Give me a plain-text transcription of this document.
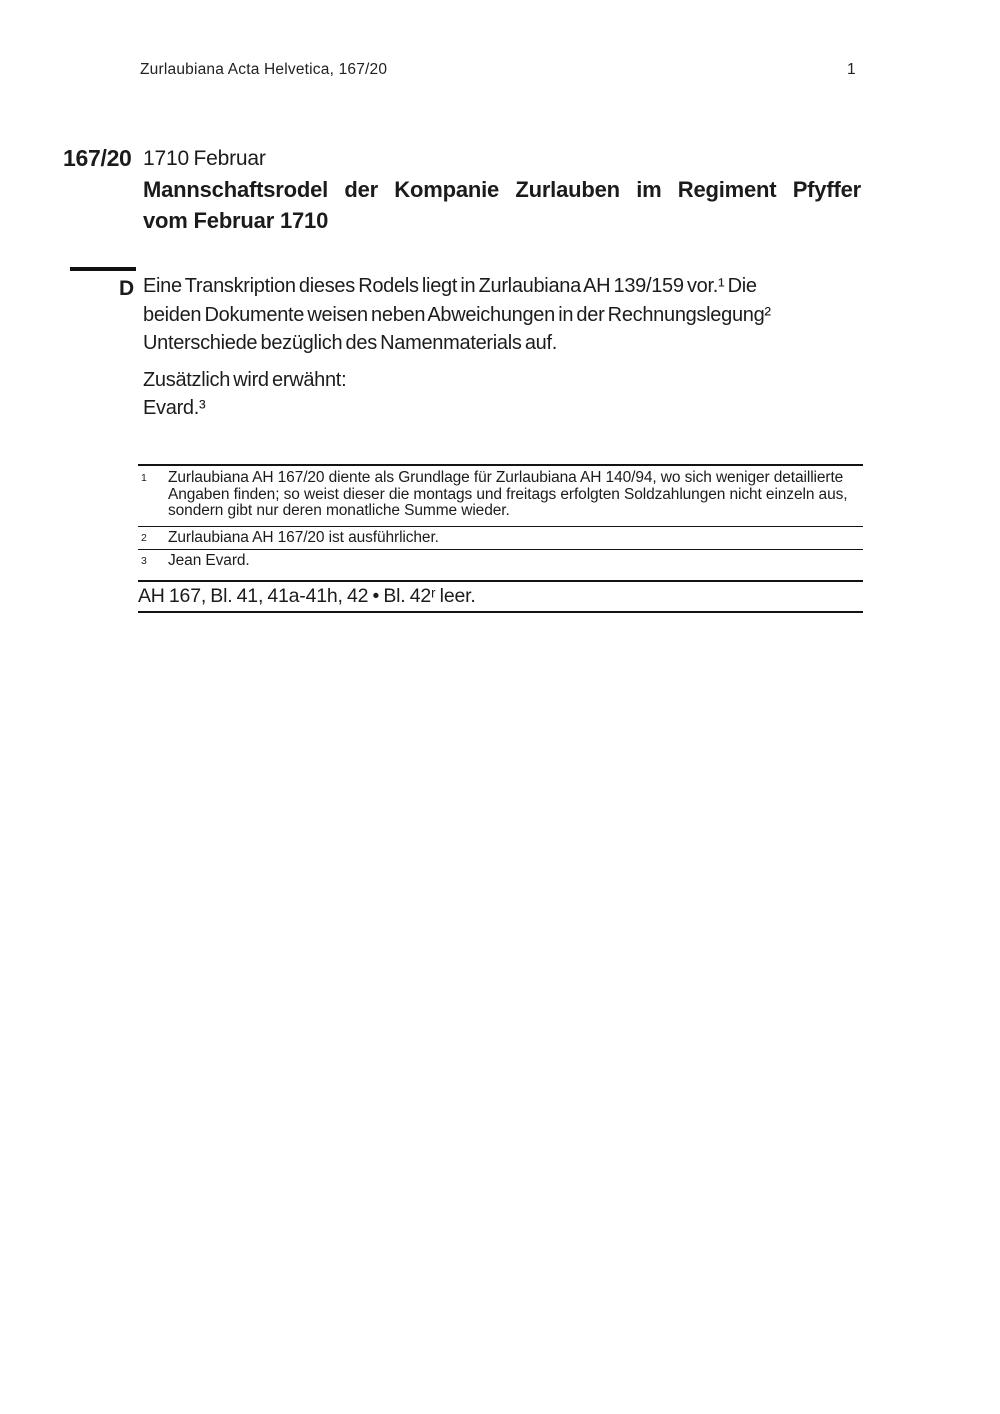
Zurlaubiana Acta Helvetica, 167/20	1
167/20 1710 Februar
Mannschaftsrodel der Kompanie Zurlauben im Regiment Pfyffer
vom Februar 1710
D Eine Transkription dieses Rodels liegt in Zurlaubiana AH 139/159 vor.¹ Die
beiden Dokumente weisen neben Abweichungen in der Rechnungslegung²
Unterschiede bezüglich des Namenmaterials auf.
Zusätzlich wird erwähnt:
Evard.³
1 Zurlaubiana AH 167/20 diente als Grundlage für Zurlaubiana AH 140/94, wo sich weniger detaillierte Angaben finden; so weist dieser die montags und freitags erfolgten Soldzahlungen nicht einzeln aus, sondern gibt nur deren monatliche Summe wieder.
2 Zurlaubiana AH 167/20 ist ausführlicher.
3 Jean Evard.
AH 167, Bl. 41, 41a-41h, 42 • Bl. 42ʳ leer.
